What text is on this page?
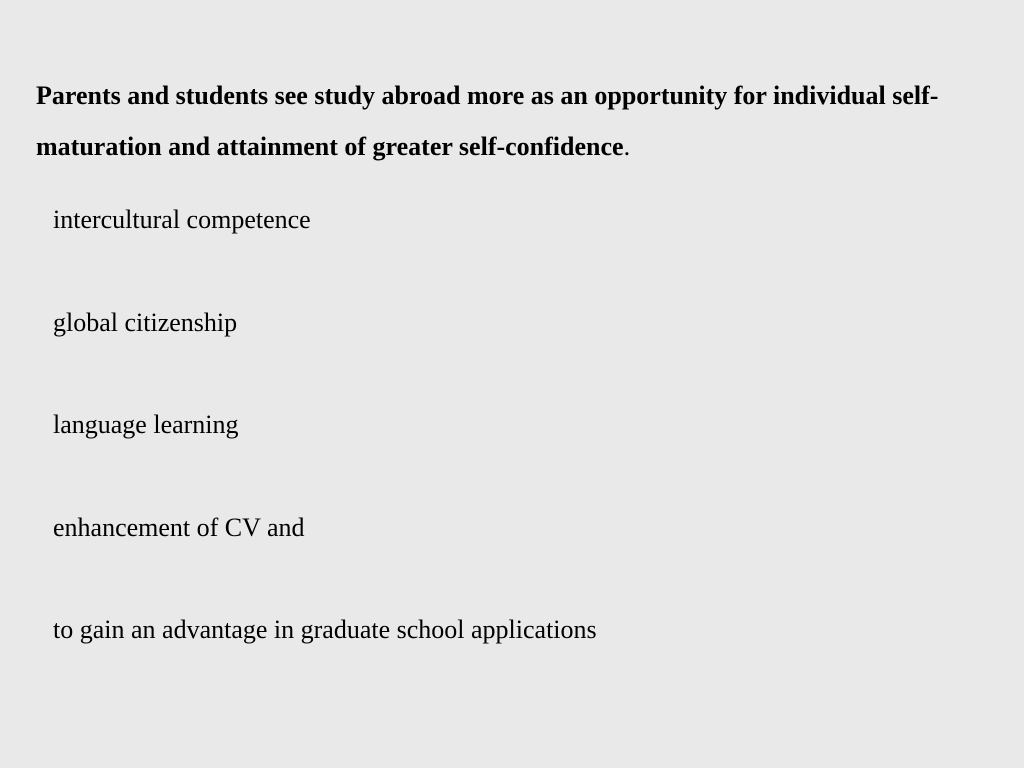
Parents and students see study abroad more as an opportunity for individual self-maturation and attainment of greater self-confidence.

intercultural competence
global citizenship
language learning
enhancement of CV and
to gain an advantage in graduate school applications
